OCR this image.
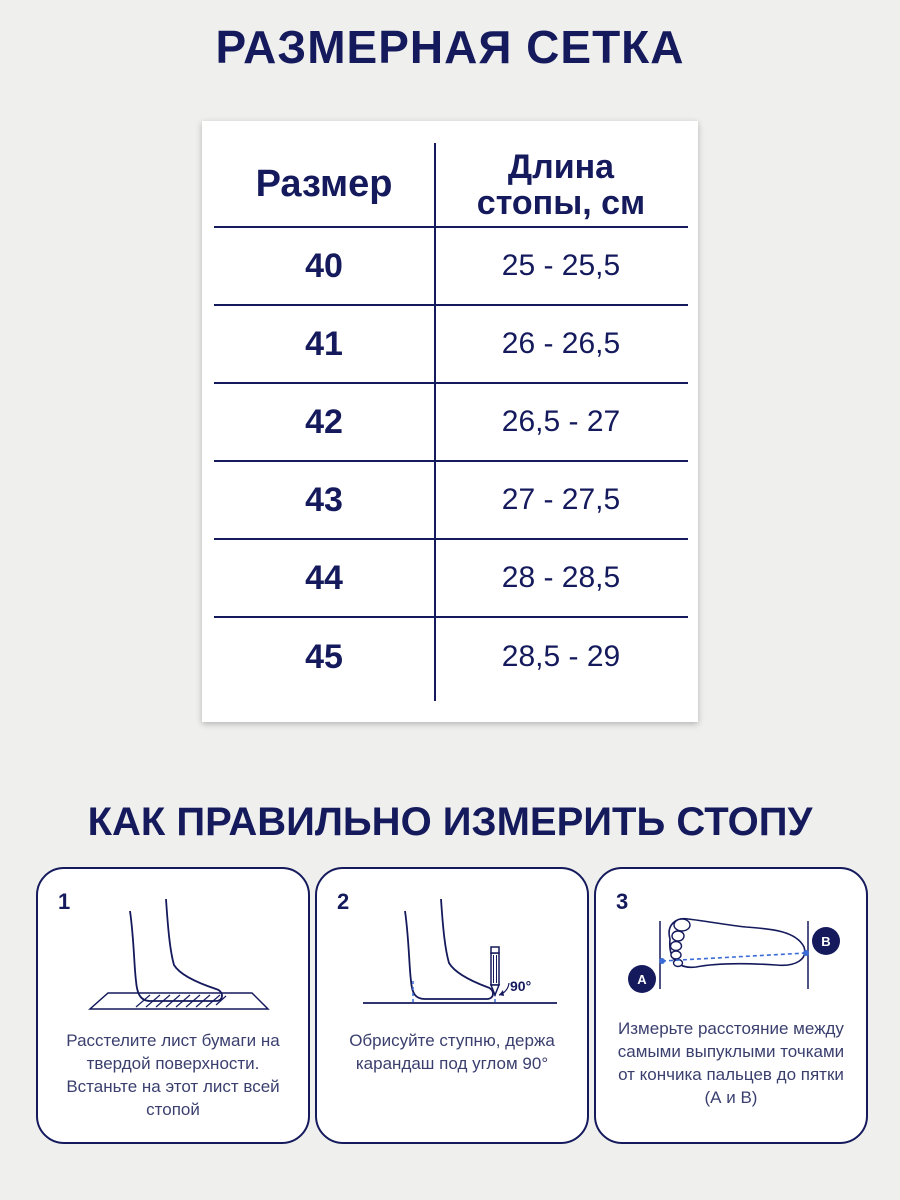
РАЗМЕРНАЯ СЕТКА
Размер	Длина
стопы, см
40	25 - 25,5
41	26 - 26,5
42	26,5 - 27
43	27 - 27,5
44	28 - 28,5
45	28,5 - 29
КАК ПРАВИЛЬНО ИЗМЕРИТЬ СТОПУ
1
Расстелите лист бумаги на твердой поверхности. Встаньте на этот лист всей стопой
90°
2
Обрисуйте ступню, держа карандаш под углом 90°
A
B
3
Измерьте расстояние между самыми выпуклыми точками от кончика пальцев до пятки (А и В)
